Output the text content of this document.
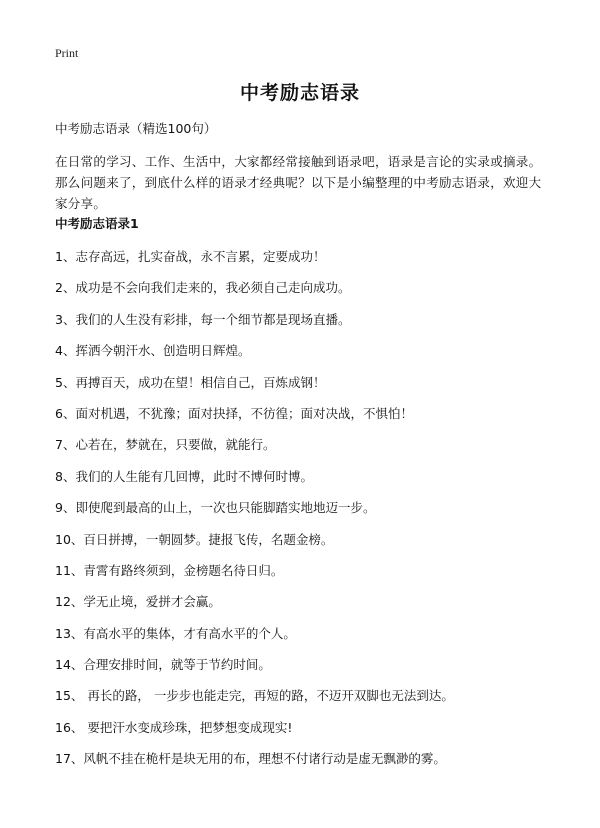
Print
中考励志语录

中考励志语录（精选100句）

在日常的学习、工作、生活中，大家都经常接触到语录吧，语录是言论的实录或摘录。那么问题来了，到底什么样的语录才经典呢？以下是小编整理的中考励志语录，欢迎大家分享。

中考励志语录1
1、志存高远，扎实奋战，永不言累，定要成功！
2、成功是不会向我们走来的，我必须自己走向成功。
3、我们的人生没有彩排，每一个细节都是现场直播。
4、挥洒今朝汗水、创造明日辉煌。
5、再搏百天，成功在望！相信自己，百炼成钢！
6、面对机遇，不犹豫；面对抉择，不彷徨；面对决战，不惧怕！
7、心若在，梦就在，只要做，就能行。
8、我们的人生能有几回博，此时不博何时博。
9、即使爬到最高的山上，一次也只能脚踏实地地迈一步。
10、百日拼搏，一朝圆梦。捷报飞传，名题金榜。
11、青霄有路终须到，金榜题名待日归。
12、学无止境，爱拼才会赢。
13、有高水平的集体，才有高水平的个人。
14、合理安排时间，就等于节约时间。
15、 再长的路， 一步步也能走完，再短的路，不迈开双脚也无法到达。
16、 要把汗水变成珍珠，把梦想变成现实!
17、风帆不挂在桅杆是块无用的布，理想不付诸行动是虚无飘渺的雾。
